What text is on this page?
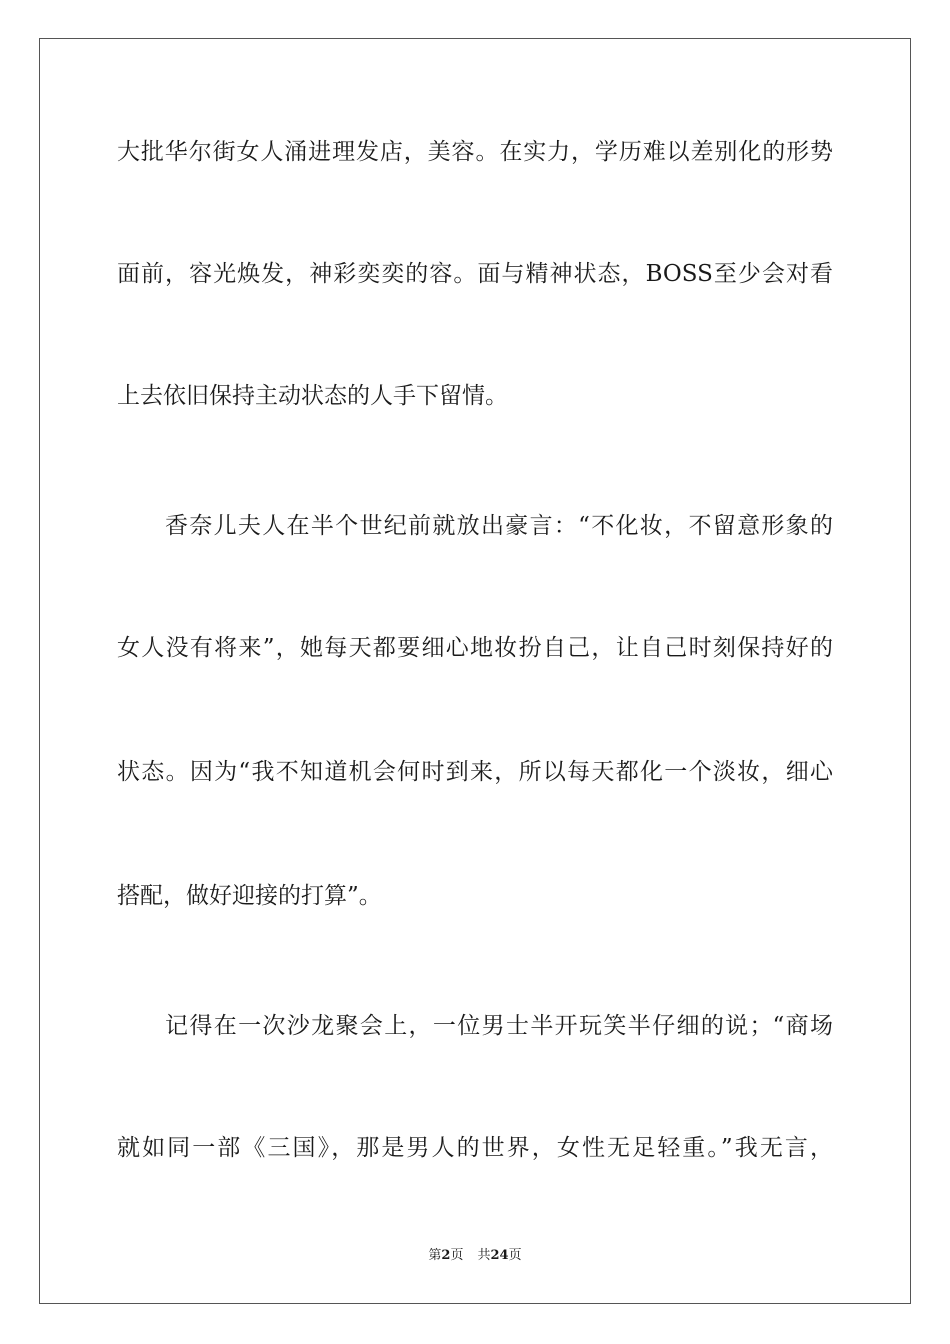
大批华尔街女人涌进理发店，美容。在实力，学历难以差别化的形势
面前，容光焕发，神彩奕奕的容。面与精神状态，BOSS至少会对看
上去依旧保持主动状态的人手下留情。
香奈儿夫人在半个世纪前就放出豪言：“不化妆，不留意形象的
女人没有将来”，她每天都要细心地妆扮自己，让自己时刻保持好的
状态。因为“我不知道机会何时到来，所以每天都化一个淡妆，细心
搭配，做好迎接的打算”。
记得在一次沙龙聚会上，一位男士半开玩笑半仔细的说；“商场
就如同一部《三国》，那是男人的世界，女性无足轻重。”我无言，
第2页 共24页
